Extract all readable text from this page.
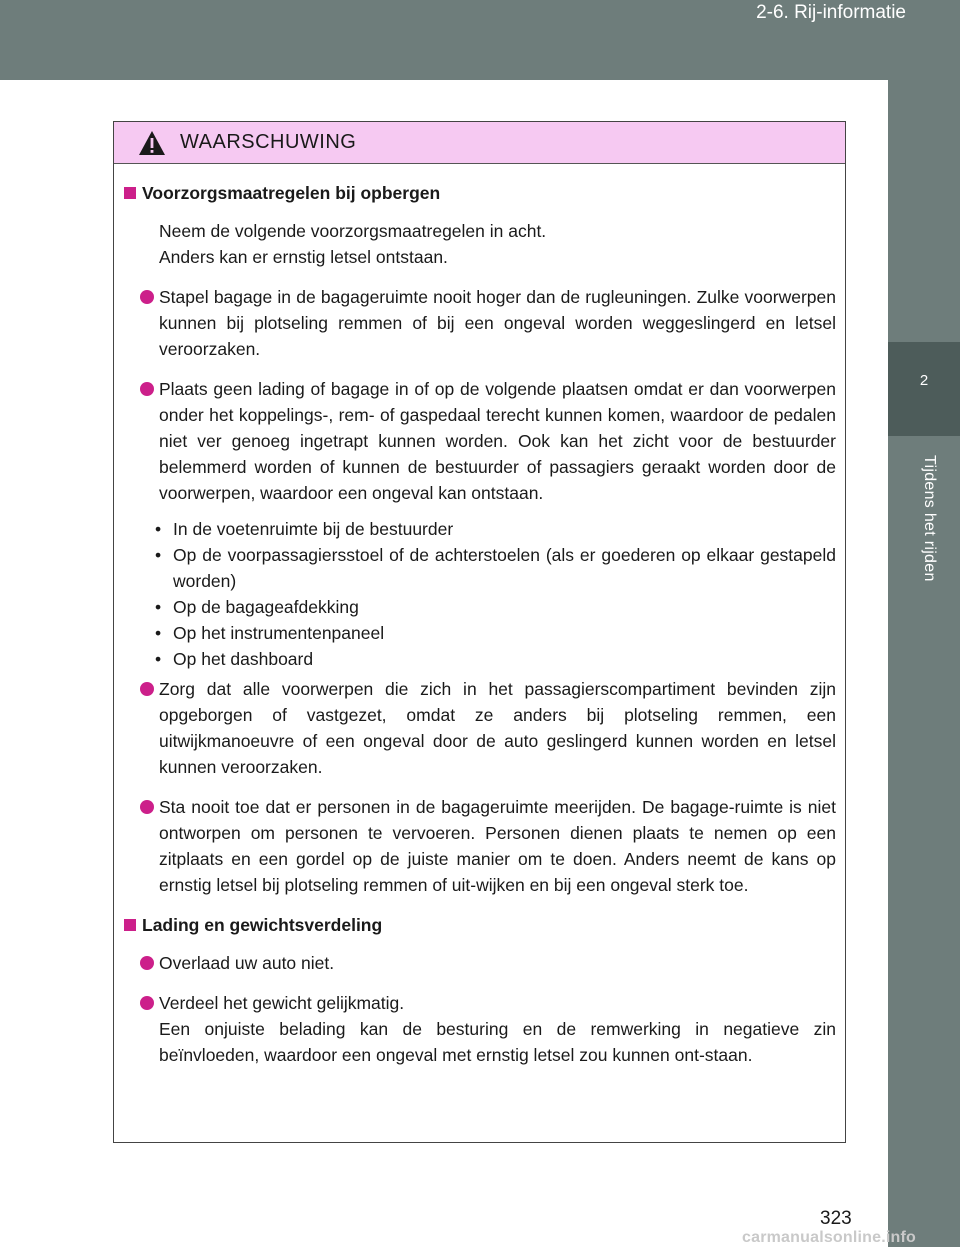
2-6. Rij-informatie
2
Tijdens het rijden
WAARSCHUWING
Voorzorgsmaatregelen bij opbergen
Neem de volgende voorzorgsmaatregelen in acht.
Anders kan er ernstig letsel ontstaan.
Stapel bagage in de bagageruimte nooit hoger dan de rugleuningen. Zulke voorwerpen kunnen bij plotseling remmen of bij een ongeval worden weggeslingerd en letsel veroorzaken.
Plaats geen lading of bagage in of op de volgende plaatsen omdat er dan voorwerpen onder het koppelings-, rem- of gaspedaal terecht kunnen komen, waardoor de pedalen niet ver genoeg ingetrapt kunnen worden. Ook kan het zicht voor de bestuurder belemmerd worden of kunnen de bestuurder of passagiers geraakt worden door de voorwerpen, waardoor een ongeval kan ontstaan.
• In de voetenruimte bij de bestuurder
• Op de voorpassagiersstoel of de achterstoelen (als er goederen op elkaar gestapeld worden)
• Op de bagageafdekking
• Op het instrumentenpaneel
• Op het dashboard
Zorg dat alle voorwerpen die zich in het passagierscompartiment bevinden zijn opgeborgen of vastgezet, omdat ze anders bij plotseling remmen, een uitwijkmanoeuvre of een ongeval door de auto geslingerd kunnen worden en letsel kunnen veroorzaken.
Sta nooit toe dat er personen in de bagageruimte meerijden. De bagage-ruimte is niet ontworpen om personen te vervoeren. Personen dienen plaats te nemen op een zitplaats en een gordel op de juiste manier om te doen. Anders neemt de kans op ernstig letsel bij plotseling remmen of uit-wijken en bij een ongeval sterk toe.
Lading en gewichtsverdeling
Overlaad uw auto niet.
Verdeel het gewicht gelijkmatig.
Een onjuiste belading kan de besturing en de remwerking in negatieve zin beïnvloeden, waardoor een ongeval met ernstig letsel zou kunnen ont-staan.
323
carmanualsonline.info
